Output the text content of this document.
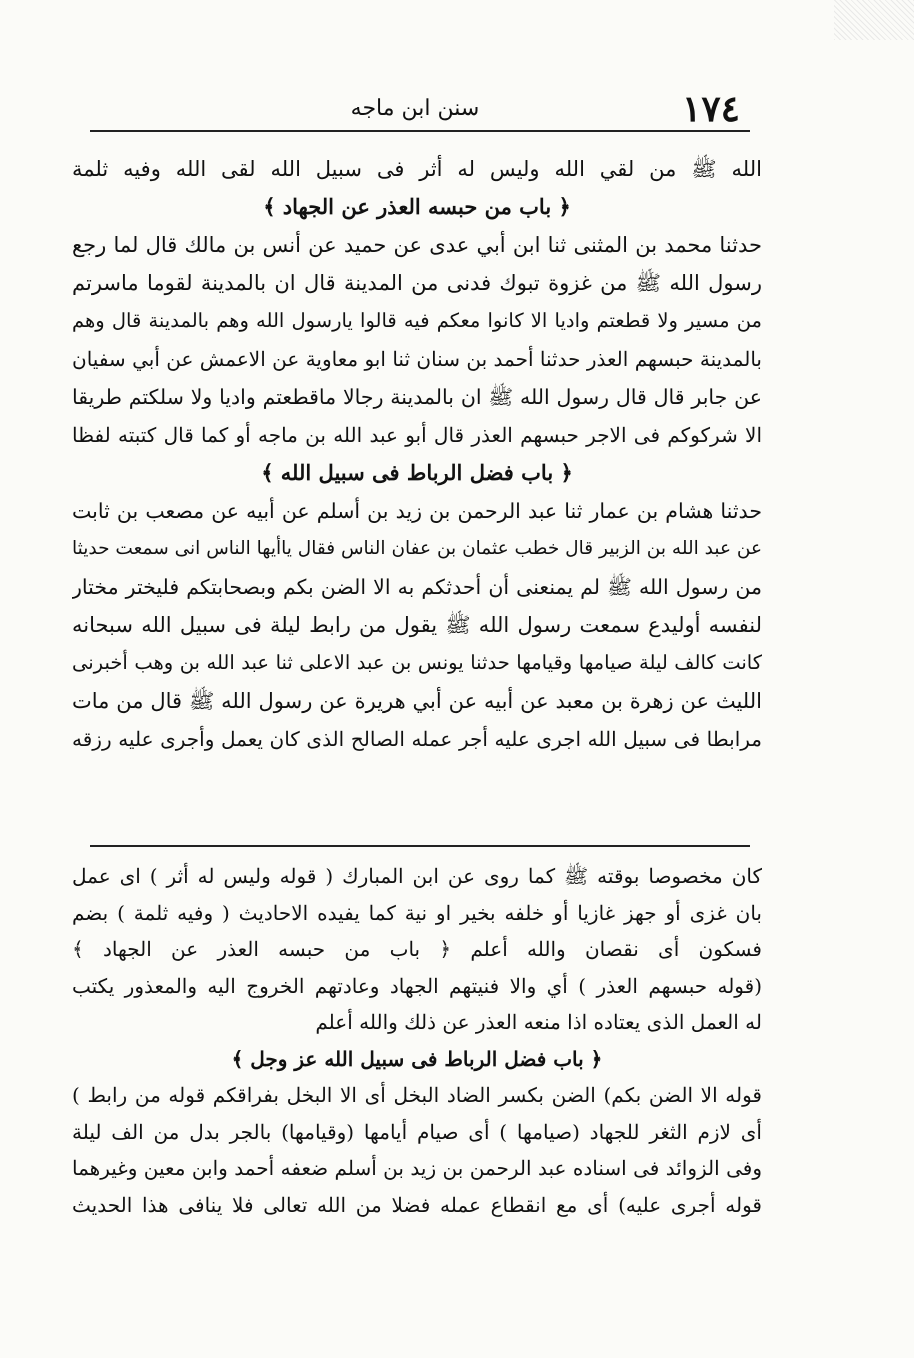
١٧٤
سنن ابن ماجه
الله ﷺ من لقي الله وليس له أثر فى سبيل الله لقى الله وفيه ثلمة
﴿ باب من حبسه العذر عن الجهاد ﴾
حدثنا محمد بن المثنى ثنا ابن أبي عدى عن حميد عن أنس بن مالك قال لما رجع
رسول الله ﷺ من غزوة تبوك فدنى من المدينة قال ان بالمدينة لقوما ماسرتم
من مسير ولا قطعتم واديا الا كانوا معكم فيه قالوا يارسول الله وهم بالمدينة قال وهم
بالمدينة حبسهم العذر حدثنا أحمد بن سنان ثنا ابو معاوية عن الاعمش عن أبي سفيان
عن جابر قال قال رسول الله ﷺ ان بالمدينة رجالا ماقطعتم واديا ولا سلكتم طريقا
الا شركوكم فى الاجر حبسهم العذر قال أبو عبد الله بن ماجه أو كما قال كتبته لفظا
﴿ باب فضل الرباط فى سبيل الله ﴾
حدثنا هشام بن عمار ثنا عبد الرحمن بن زيد بن أسلم عن أبيه عن مصعب بن ثابت
عن عبد الله بن الزبير قال خطب عثمان بن عفان الناس فقال ياأيها الناس انى سمعت حديثا
من رسول الله ﷺ لم يمنعنى أن أحدثكم به الا الضن بكم وبصحابتكم فليختر مختار
لنفسه أوليدع سمعت رسول الله ﷺ يقول من رابط ليلة فى سبيل الله سبحانه
كانت كالف ليلة صيامها وقيامها حدثنا يونس بن عبد الاعلى ثنا عبد الله بن وهب أخبرنى
الليث عن زهرة بن معبد عن أبيه عن أبي هريرة عن رسول الله ﷺ قال من مات
مرابطا فى سبيل الله اجرى عليه أجر عمله الصالح الذى كان يعمل وأجرى عليه رزقه
كان مخصوصا بوقته ﷺ كما روى عن ابن المبارك ( قوله وليس له أثر ) اى عمل
بان غزى أو جهز غازيا أو خلفه بخير او نية كما يفيده الاحاديث ( وفيه ثلمة ) بضم
فسكون أى نقصان والله أعلم ﴿ باب من حبسه العذر عن الجهاد ﴾
(قوله حبسهم العذر ) أي والا فنيتهم الجهاد وعادتهم الخروج اليه والمعذور يكتب
له العمل الذى يعتاده اذا منعه العذر عن ذلك والله أعلم
﴿ باب فضل الرباط فى سبيل الله عز وجل ﴾
قوله الا الضن بكم) الضن بكسر الضاد البخل أى الا البخل بفراقكم قوله من رابط )
أى لازم الثغر للجهاد (صيامها ) أى صيام أيامها (وقيامها) بالجر بدل من الف ليلة
وفى الزوائد فى اسناده عبد الرحمن بن زيد بن أسلم ضعفه أحمد وابن معين وغيرهما
قوله أجرى عليه) أى مع انقطاع عمله فضلا من الله تعالى فلا ينافى هذا الحديث
